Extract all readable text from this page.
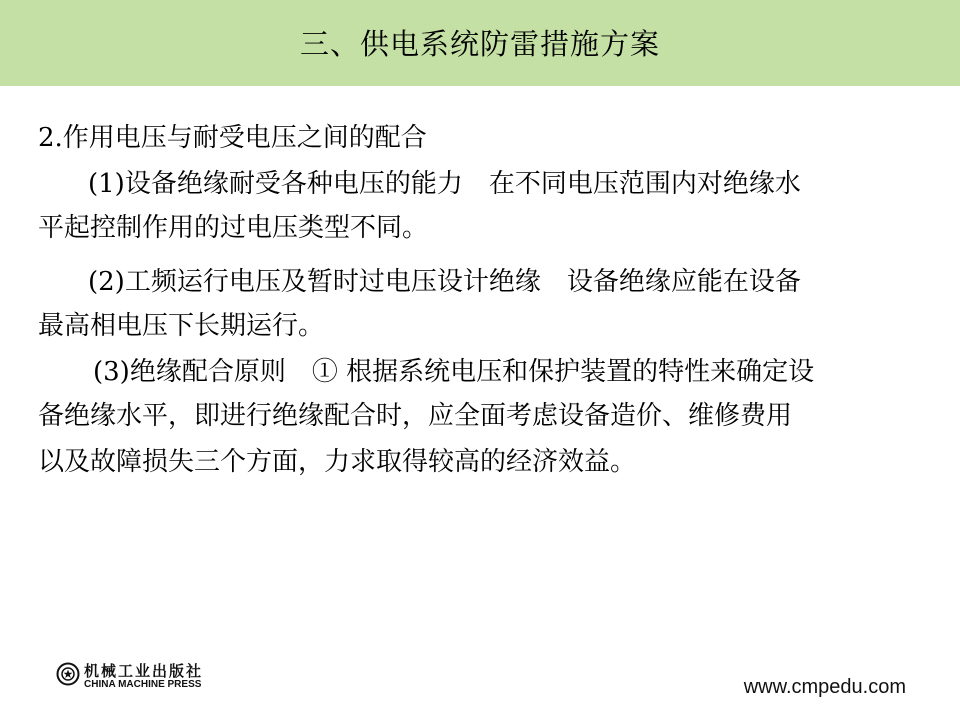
三、供电系统防雷措施方案
2.作用电压与耐受电压之间的配合
(1)设备绝缘耐受各种电压的能力　在不同电压范围内对绝缘水
平起控制作用的过电压类型不同。
(2)工频运行电压及暂时过电压设计绝缘　设备绝缘应能在设备
最高相电压下长期运行。
(3)绝缘配合原则　① 根据系统电压和保护装置的特性来确定设
备绝缘水平，即进行绝缘配合时，应全面考虑设备造价、维修费用
以及故障损失三个方面，力求取得较高的经济效益。
机械工业出版社
CHINA MACHINE PRESS	www.cmpedu.com
